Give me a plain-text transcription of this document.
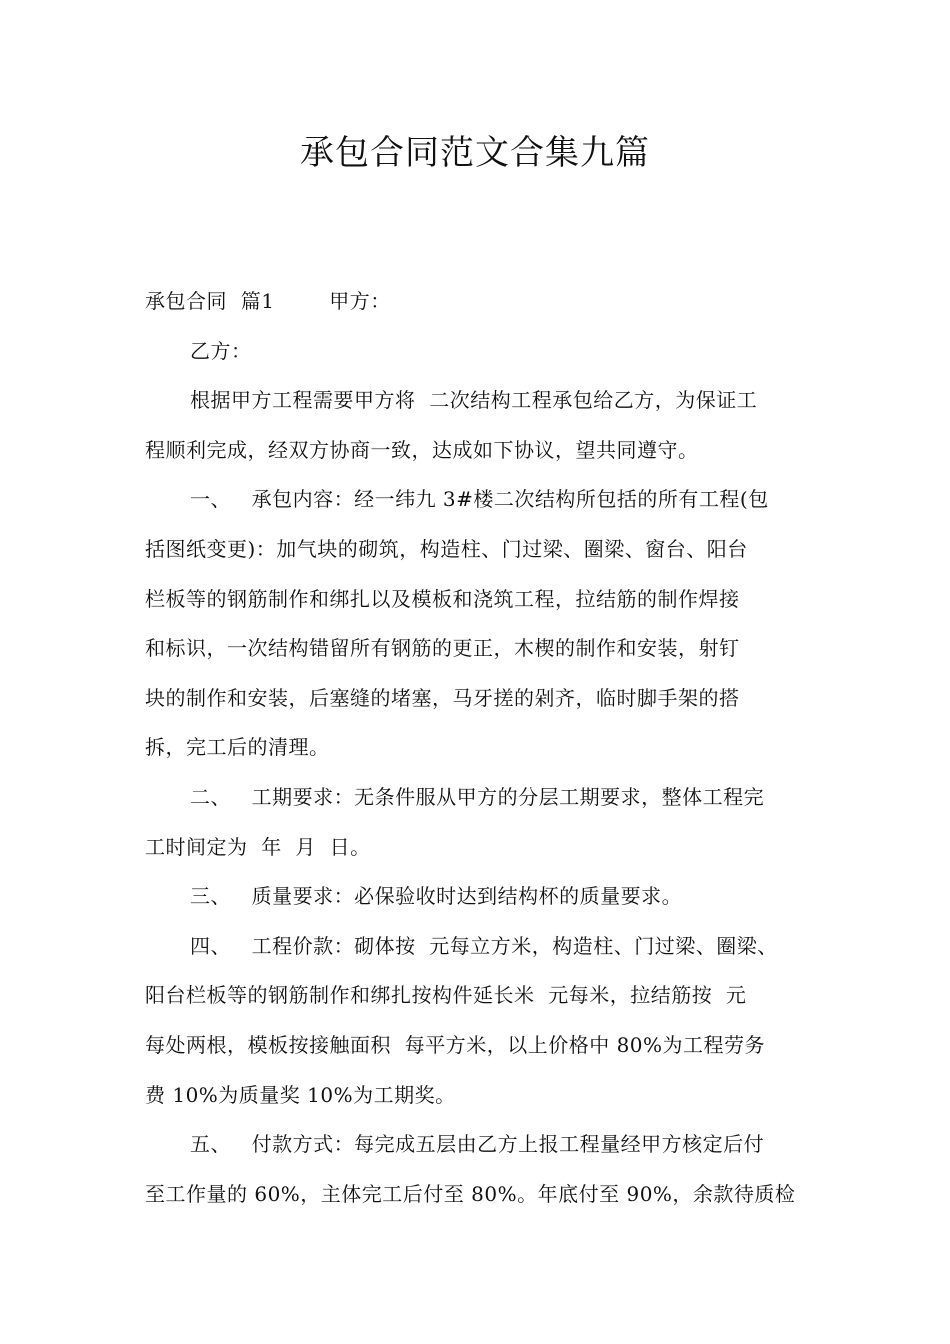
承包合同范文合集九篇
承包合同  篇1        甲方：
乙方：
根据甲方工程需要甲方将  二次结构工程承包给乙方，为保证工
程顺利完成，经双方协商一致，达成如下协议，望共同遵守。
一、   承包内容：经一纬九 3#楼二次结构所包括的所有工程(包
括图纸变更)：加气块的砌筑，构造柱、门过梁、圈梁、窗台、阳台
栏板等的钢筋制作和绑扎以及模板和浇筑工程，拉结筋的制作焊接
和标识，一次结构错留所有钢筋的更正，木楔的制作和安装，射钉
块的制作和安装，后塞缝的堵塞，马牙搓的剁齐，临时脚手架的搭
拆，完工后的清理。
二、   工期要求：无条件服从甲方的分层工期要求，整体工程完
工时间定为  年  月  日。
三、   质量要求：必保验收时达到结构杯的质量要求。
四、   工程价款：砌体按  元每立方米，构造柱、门过梁、圈梁、
阳台栏板等的钢筋制作和绑扎按构件延长米  元每米，拉结筋按  元
每处两根，模板按接触面积  每平方米，以上价格中 80%为工程劳务
费 10%为质量奖 10%为工期奖。
五、   付款方式：每完成五层由乙方上报工程量经甲方核定后付
至工作量的 60%，主体完工后付至 80%。年底付至 90%，余款待质检
